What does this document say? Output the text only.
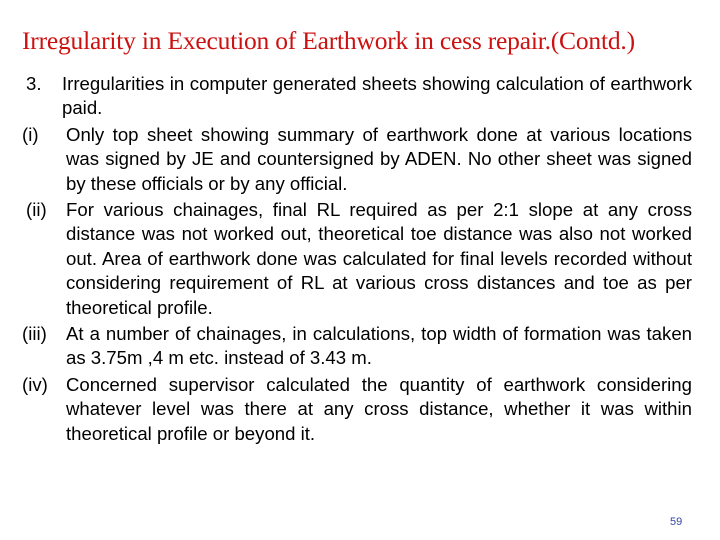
Irregularity in Execution of Earthwork in cess repair.(Contd.)
3. Irregularities in computer generated sheets showing calculation of earthwork paid.
(i) Only top sheet showing summary of earthwork done at various locations was signed by JE and countersigned by ADEN. No other sheet was signed by these officials or by any official.
(ii) For various chainages, final RL required as per 2:1 slope at any cross distance was not worked out, theoretical toe distance was also not worked out. Area of earthwork done was calculated for final levels recorded without considering requirement of RL at various cross distances and toe as per theoretical profile.
(iii) At a number of chainages, in calculations, top width of formation was taken as 3.75m ,4 m etc. instead of 3.43 m.
(iv) Concerned supervisor calculated the quantity of earthwork considering whatever level was there at any cross distance, whether it was within theoretical profile or beyond it.
59
